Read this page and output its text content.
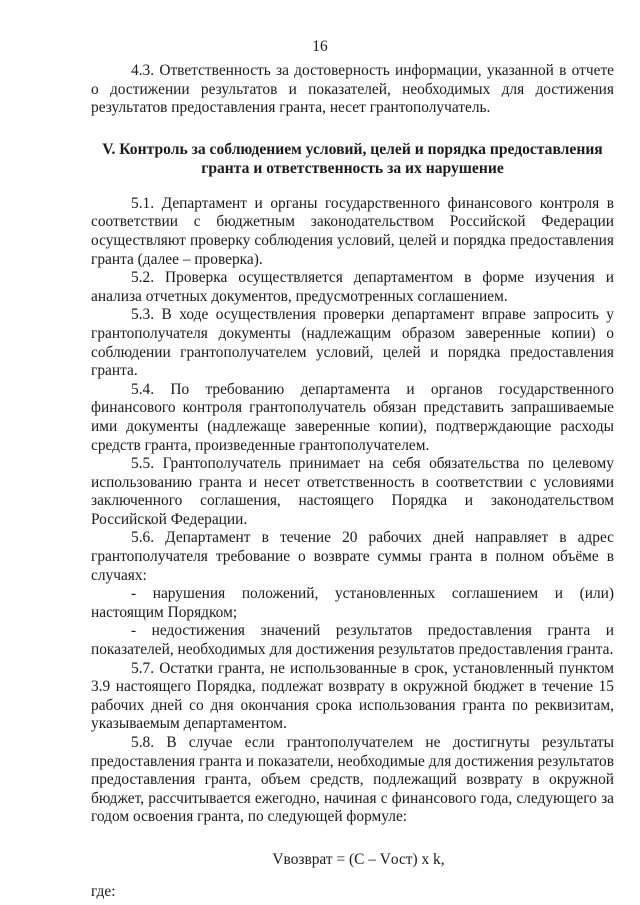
16

4.3. Ответственность за достоверность информации, указанной в отчете о достижении результатов и показателей, необходимых для достижения результатов предоставления гранта, несет грантополучатель.

V. Контроль за соблюдением условий, целей и порядка предоставления гранта и ответственность за их нарушение

5.1. Департамент и органы государственного финансового контроля в соответствии с бюджетным законодательством Российской Федерации осуществляют проверку соблюдения условий, целей и порядка предоставления гранта (далее – проверка).

5.2. Проверка осуществляется департаментом в форме изучения и анализа отчетных документов, предусмотренных соглашением.

5.3. В ходе осуществления проверки департамент вправе запросить у грантополучателя документы (надлежащим образом заверенные копии) о соблюдении грантополучателем условий, целей и порядка предоставления гранта.

5.4. По требованию департамента и органов государственного финансового контроля грантополучатель обязан представить запрашиваемые ими документы (надлежаще заверенные копии), подтверждающие расходы средств гранта, произведенные грантополучателем.

5.5. Грантополучатель принимает на себя обязательства по целевому использованию гранта и несет ответственность в соответствии с условиями заключенного соглашения, настоящего Порядка и законодательством Российской Федерации.

5.6. Департамент в течение 20 рабочих дней направляет в адрес грантополучателя требование о возврате суммы гранта в полном объёме в случаях:

- нарушения положений, установленных соглашением и (или) настоящим Порядком;

- недостижения значений результатов предоставления гранта и показателей, необходимых для достижения результатов предоставления гранта.

5.7. Остатки гранта, не использованные в срок, установленный пунктом 3.9 настоящего Порядка, подлежат возврату в окружной бюджет в течение 15 рабочих дней со дня окончания срока использования гранта по реквизитам, указываемым департаментом.

5.8. В случае если грантополучателем не достигнуты результаты предоставления гранта и показатели, необходимые для достижения результатов предоставления гранта, объем средств, подлежащий возврату в окружной бюджет, рассчитывается ежегодно, начиная с финансового года, следующего за годом освоения гранта, по следующей формуле:

Vвозврат = (С – Vост) x k,

где:
